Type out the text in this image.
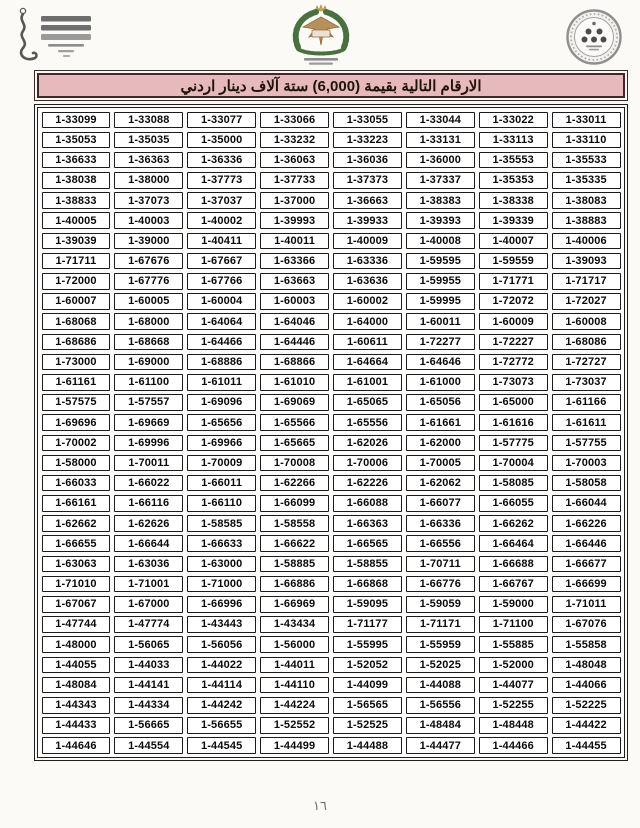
الارقام التالية بقيمة (6,000) ستة آلاف دينار اردني
1-33099	1-33088	1-33077	1-33066	1-33055	1-33044	1-33022	1-33011
1-35053	1-35035	1-35000	1-33232	1-33223	1-33131	1-33113	1-33110
1-36633	1-36363	1-36336	1-36063	1-36036	1-36000	1-35553	1-35533
1-38038	1-38000	1-37773	1-37733	1-37373	1-37337	1-35353	1-35335
1-38833	1-37073	1-37037	1-37000	1-36663	1-38383	1-38338	1-38083
1-40005	1-40003	1-40002	1-39993	1-39933	1-39393	1-39339	1-38883
1-39039	1-39000	1-40411	1-40011	1-40009	1-40008	1-40007	1-40006
1-71711	1-67676	1-67667	1-63366	1-63336	1-59595	1-59559	1-39093
1-72000	1-67776	1-67766	1-63663	1-63636	1-59955	1-71771	1-71717
1-60007	1-60005	1-60004	1-60003	1-60002	1-59995	1-72072	1-72027
1-68068	1-68000	1-64064	1-64046	1-64000	1-60011	1-60009	1-60008
1-68686	1-68668	1-64466	1-64446	1-60611	1-72277	1-72227	1-68086
1-73000	1-69000	1-68886	1-68866	1-64664	1-64646	1-72772	1-72727
1-61161	1-61100	1-61011	1-61010	1-61001	1-61000	1-73073	1-73037
1-57575	1-57557	1-69096	1-69069	1-65065	1-65056	1-65000	1-61166
1-69696	1-69669	1-65656	1-65566	1-65556	1-61661	1-61616	1-61611
1-70002	1-69996	1-69966	1-65665	1-62026	1-62000	1-57775	1-57755
1-58000	1-70011	1-70009	1-70008	1-70006	1-70005	1-70004	1-70003
1-66033	1-66022	1-66011	1-62266	1-62226	1-62062	1-58085	1-58058
1-66161	1-66116	1-66110	1-66099	1-66088	1-66077	1-66055	1-66044
1-62662	1-62626	1-58585	1-58558	1-66363	1-66336	1-66262	1-66226
1-66655	1-66644	1-66633	1-66622	1-66565	1-66556	1-66464	1-66446
1-63063	1-63036	1-63000	1-58885	1-58855	1-70711	1-66688	1-66677
1-71010	1-71001	1-71000	1-66886	1-66868	1-66776	1-66767	1-66699
1-67067	1-67000	1-66996	1-66969	1-59095	1-59059	1-59000	1-71011
1-47744	1-47774	1-43443	1-43434	1-71177	1-71171	1-71100	1-67076
1-48000	1-56065	1-56056	1-56000	1-55995	1-55959	1-55885	1-55858
1-44055	1-44033	1-44022	1-44011	1-52052	1-52025	1-52000	1-48048
1-48084	1-44141	1-44114	1-44110	1-44099	1-44088	1-44077	1-44066
1-44343	1-44334	1-44242	1-44224	1-56565	1-56556	1-52255	1-52225
1-44433	1-56665	1-56655	1-52552	1-52525	1-48484	1-48448	1-44422
1-44646	1-44554	1-44545	1-44499	1-44488	1-44477	1-44466	1-44455
١٦
